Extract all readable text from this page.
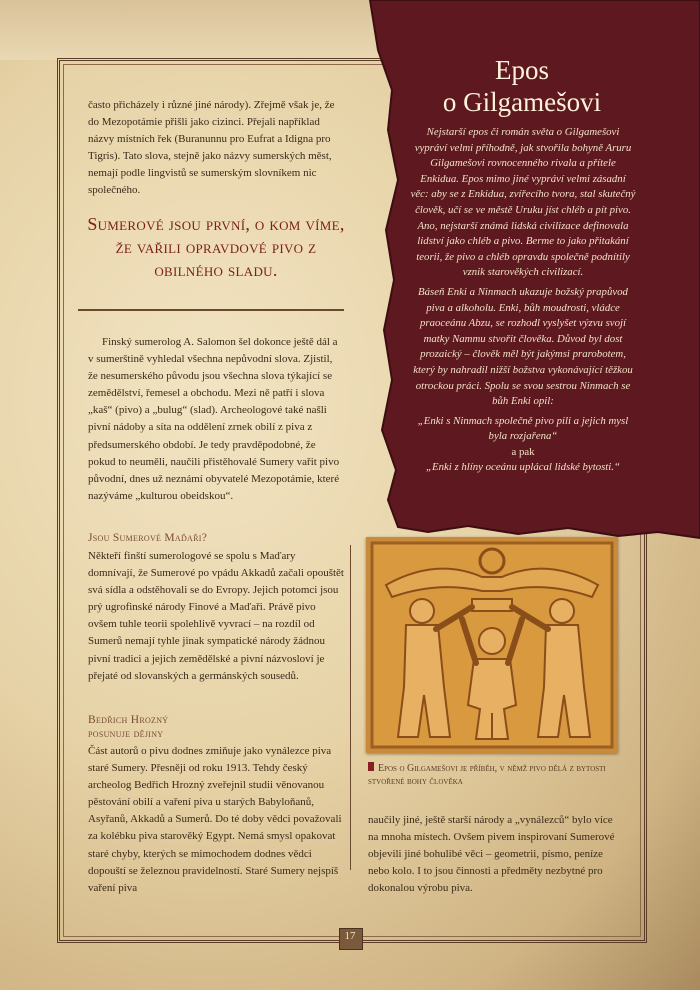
Epos
o Gilgamešovi

Nejstarší epos či román světa o Gilgamešovi vypráví velmi příhodně, jak stvořila bohyně Aruru Gilgamešovi rovnocenného rivala a přítele Enkidua. Epos mimo jiné vypráví velmi zásadní věc: aby se z Enkidua, zvířecího tvora, stal skutečný člověk, učí se ve městě Uruku jíst chléb a pít pivo. Ano, nejstarší známá lidská civilizace definovala lidství jako chléb a pivo. Berme to jako přitakání teorii, že pivo a chléb opravdu společně podnítily vznik starověkých civilizací.

Báseň Enki a Ninmach ukazuje božský prapůvod piva a alkoholu. Enki, bůh moudrosti, vládce praoceánu Abzu, se rozhodl vyslyšet výzvu svojí matky Nammu stvořit člověka. Důvod byl dost prozaický – člověk měl být jakýmsi prarobotem, který by nahradil nižší božstva vykonávající těžkou otrockou práci. Spolu se svou sestrou Ninmach se bůh Enki opil:

„Enki s Ninmach společně pivo pili a jejich mysl byla rozjařena“

a pak

„Enki z hlíny oceánu uplácal lidské bytosti.“

často přicházely i různé jiné národy). Zřejmě však je, že do Mezopotámie přišli jako cizinci. Přejali například názvy místních řek (Buranunnu pro Eufrat a Idigna pro Tigris). Tato slova, stejně jako názvy sumerských měst, nemají podle lingvistů se sumerským slovníkem nic společného.

Sumerové jsou první, o kom víme, že vařili opravdové pivo z obilného sladu.

Finský sumerolog A. Salomon šel dokonce ještě dál a v sumerštině vyhledal všechna nepůvodní slova. Zjistil, že nesumerského původu jsou všechna slova týkající se zemědělství, řemesel a obchodu. Mezi ně patří i slova „kaš“ (pivo) a „bulug“ (slad). Archeologové také našli pivní nádoby a síta na oddělení zrnek obilí z piva z předsumerského období. Je tedy pravděpodobné, že pokud to neuměli, naučili přistěhovalé Sumery vařit pivo původní, dnes už neznámí obyvatelé Mezopotámie, které nazýváme „kulturou obeidskou“.

Jsou Sumerové Maďaři?

Někteří finští sumerologové se spolu s Maďary domnívají, že Sumerové po vpádu Akkadů začali opouštět svá sídla a odstěhovali se do Evropy. Jejich potomci jsou prý ugrofinské národy Finové a Maďaři. Právě pivo ovšem tuhle teorii spolehlivě vyvrací – na rozdíl od Sumerů nemají tyhle jinak sympatické národy žádnou pivní tradici a jejich zemědělské a pivní názvosloví je přejaté od slovanských a germánských sousedů.

Bedřich Hrozný
posunuje dějiny

Část autorů o pivu dodnes zmiňuje jako vynálezce piva staré Sumery. Přesněji od roku 1913. Tehdy český archeolog Bedřich Hrozný zveřejnil studii věnovanou pěstování obilí a vaření piva u starých Babyloňanů, Asyřanů, Akkadů a Sumerů. Do té doby vědci považovali za kolébku piva starověký Egypt. Nemá smysl opakovat staré chyby, kterých se mimochodem dodnes vědci dopouští se železnou pravidelností. Staré Sumery nejspíš vaření piva

Epos o Gilgamešovi je příběh, v němž pivo dělá z bytosti stvořené bohy člověka

naučily jiné, ještě starší národy a „vynálezců“ bylo více na mnoha místech. Ovšem pivem inspirovaní Sumerové objevili jiné bohulibé věci – geometrii, písmo, peníze nebo kolo. I to jsou činnosti a předměty nezbytné pro dokonalou výrobu piva.

17
